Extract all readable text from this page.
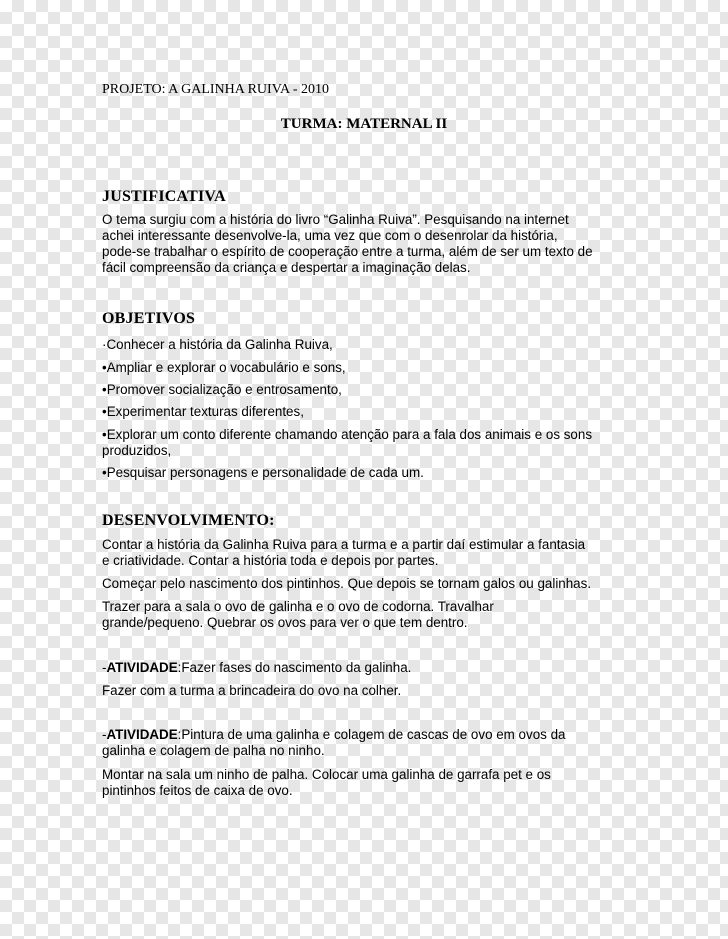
PROJETO: A GALINHA RUIVA - 2010
TURMA: MATERNAL II
JUSTIFICATIVA
O tema surgiu com a história do livro “Galinha Ruiva”. Pesquisando na internet
achei interessante desenvolve-la, uma vez que com o desenrolar da história,
pode-se trabalhar o espírito de cooperação entre a turma, além de ser um texto de
fácil compreensão da criança e despertar a imaginação delas.
OBJETIVOS
·Conhecer a história da Galinha Ruiva,
•Ampliar e explorar o vocabulário e sons,
•Promover socialização e entrosamento,
•Experimentar texturas diferentes,
•Explorar um conto diferente chamando atenção para a fala dos animais e os sons
produzidos,
•Pesquisar personagens e personalidade de cada um.
DESENVOLVIMENTO:
Contar a história da Galinha Ruiva para a turma e a partir daí estimular a fantasia
e criatividade. Contar a história toda e depois por partes.
Começar pelo nascimento dos pintinhos. Que depois se tornam galos ou galinhas.
Trazer para a sala o ovo de galinha e o ovo de codorna. Travalhar
grande/pequeno. Quebrar os ovos para ver o que tem dentro.
-ATIVIDADE:Fazer fases do nascimento da galinha.
Fazer com a turma a brincadeira do ovo na colher.
-ATIVIDADE:Pintura de uma galinha e colagem de cascas de ovo em ovos da
galinha e colagem de palha no ninho.
Montar na sala um ninho de palha. Colocar uma galinha de garrafa pet e os
pintinhos feitos de caixa de ovo.
